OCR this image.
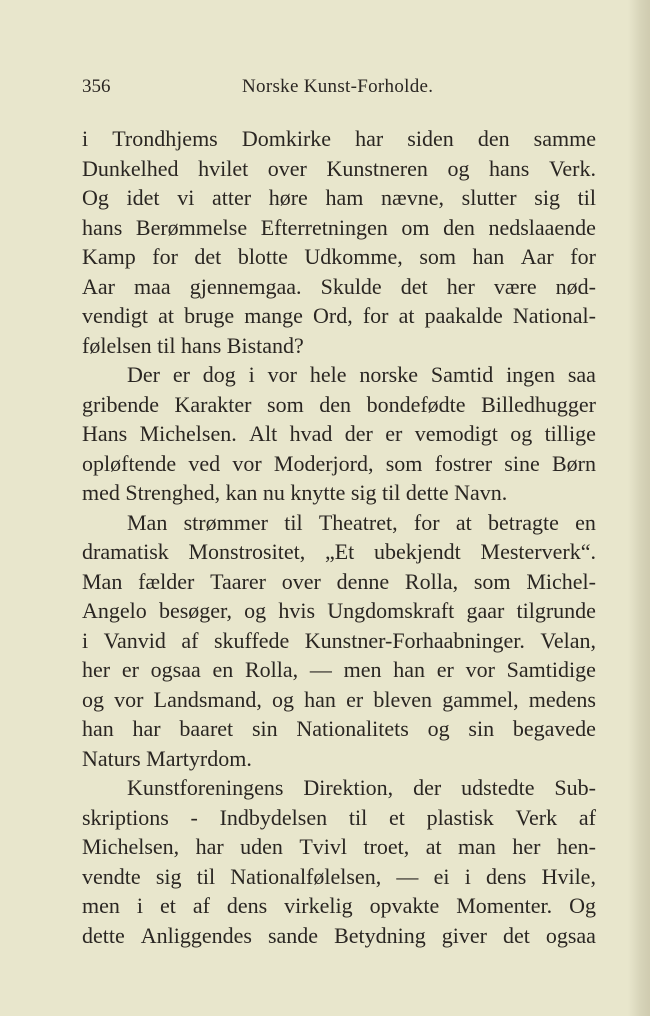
356	Norske Kunst-Forholde.
i Trondhjems Domkirke har siden den samme
Dunkelhed hvilet over Kunstneren og hans Verk.
Og idet vi atter høre ham nævne, slutter sig til
hans Berømmelse Efterretningen om den nedslaaende
Kamp for det blotte Udkomme, som han Aar for
Aar maa gjennemgaa. Skulde det her være nød-
vendigt at bruge mange Ord, for at paakalde National-
følelsen til hans Bistand?
Der er dog i vor hele norske Samtid ingen saa
gribende Karakter som den bondefødte Billedhugger
Hans Michelsen. Alt hvad der er vemodigt og tillige
opløftende ved vor Moderjord, som fostrer sine Børn
med Strenghed, kan nu knytte sig til dette Navn.
Man strømmer til Theatret, for at betragte en
dramatisk Monstrositet, „Et ubekjendt Mesterverk“.
Man fælder Taarer over denne Rolla, som Michel-
Angelo besøger, og hvis Ungdomskraft gaar tilgrunde
i Vanvid af skuffede Kunstner-Forhaabninger. Velan,
her er ogsaa en Rolla, — men han er vor Samtidige
og vor Landsmand, og han er bleven gammel, medens
han har baaret sin Nationalitets og sin begavede
Naturs Martyrdom.
Kunstforeningens Direktion, der udstedte Sub-
skriptions - Indbydelsen til et plastisk Verk af
Michelsen, har uden Tvivl troet, at man her hen-
vendte sig til Nationalfølelsen, — ei i dens Hvile,
men i et af dens virkelig opvakte Momenter. Og
dette Anliggendes sande Betydning giver det ogsaa
